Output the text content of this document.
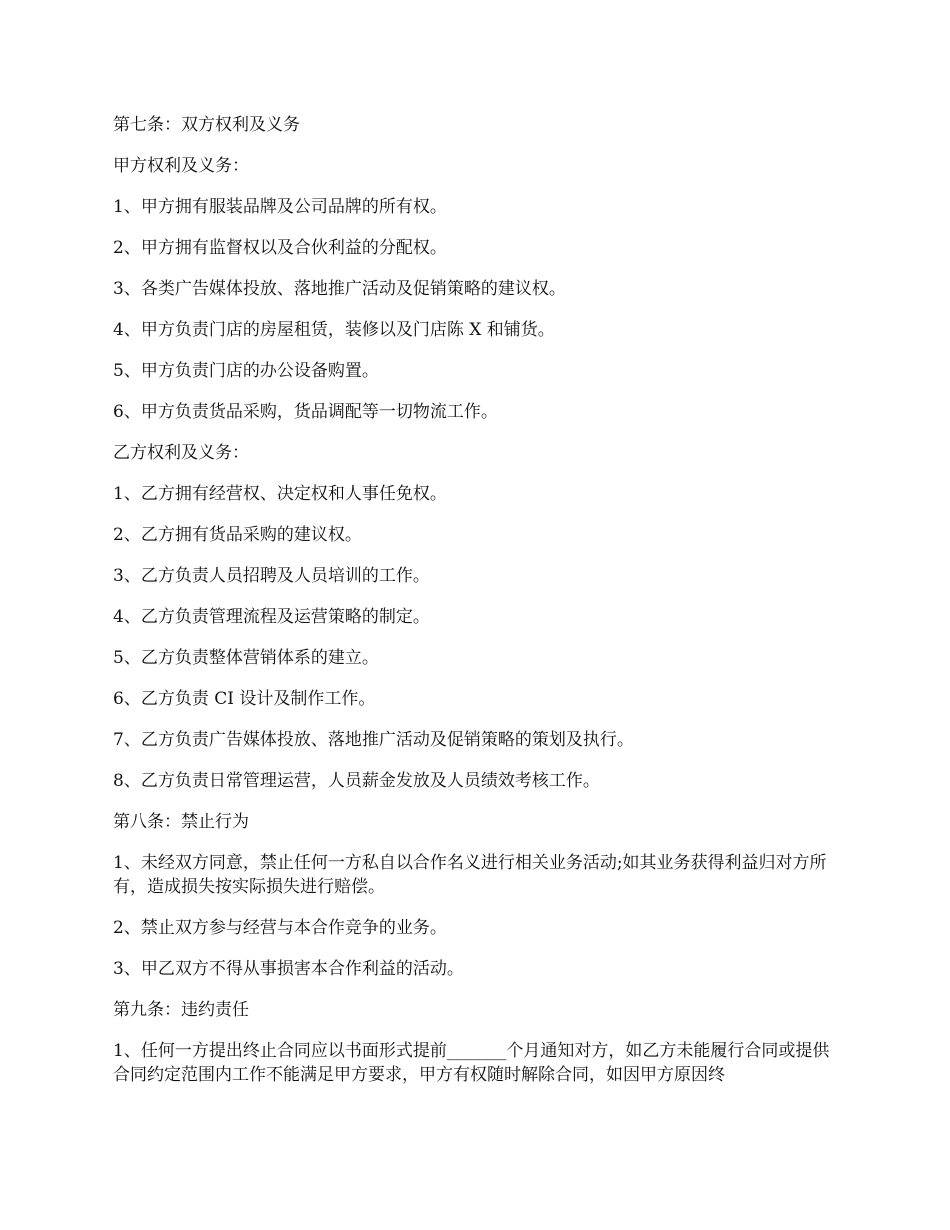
第七条：双方权利及义务

甲方权利及义务：

1、甲方拥有服装品牌及公司品牌的所有权。

2、甲方拥有监督权以及合伙利益的分配权。

3、各类广告媒体投放、落地推广活动及促销策略的建议权。

4、甲方负责门店的房屋租赁，装修以及门店陈 X 和铺货。

5、甲方负责门店的办公设备购置。

6、甲方负责货品采购，货品调配等一切物流工作。

乙方权利及义务：

1、乙方拥有经营权、决定权和人事任免权。

2、乙方拥有货品采购的建议权。

3、乙方负责人员招聘及人员培训的工作。

4、乙方负责管理流程及运营策略的制定。

5、乙方负责整体营销体系的建立。

6、乙方负责 CI 设计及制作工作。

7、乙方负责广告媒体投放、落地推广活动及促销策略的策划及执行。

8、乙方负责日常管理运营，人员薪金发放及人员绩效考核工作。

第八条：禁止行为

1、未经双方同意，禁止任何一方私自以合作名义进行相关业务活动;如其业务获得利益归对方所有，造成损失按实际损失进行赔偿。

2、禁止双方参与经营与本合作竞争的业务。

3、甲乙双方不得从事损害本合作利益的活动。

第九条：违约责任

1、任何一方提出终止合同应以书面形式提前_______个月通知对方，如乙方未能履行合同或提供合同约定范围内工作不能满足甲方要求，甲方有权随时解除合同，如因甲方原因终
